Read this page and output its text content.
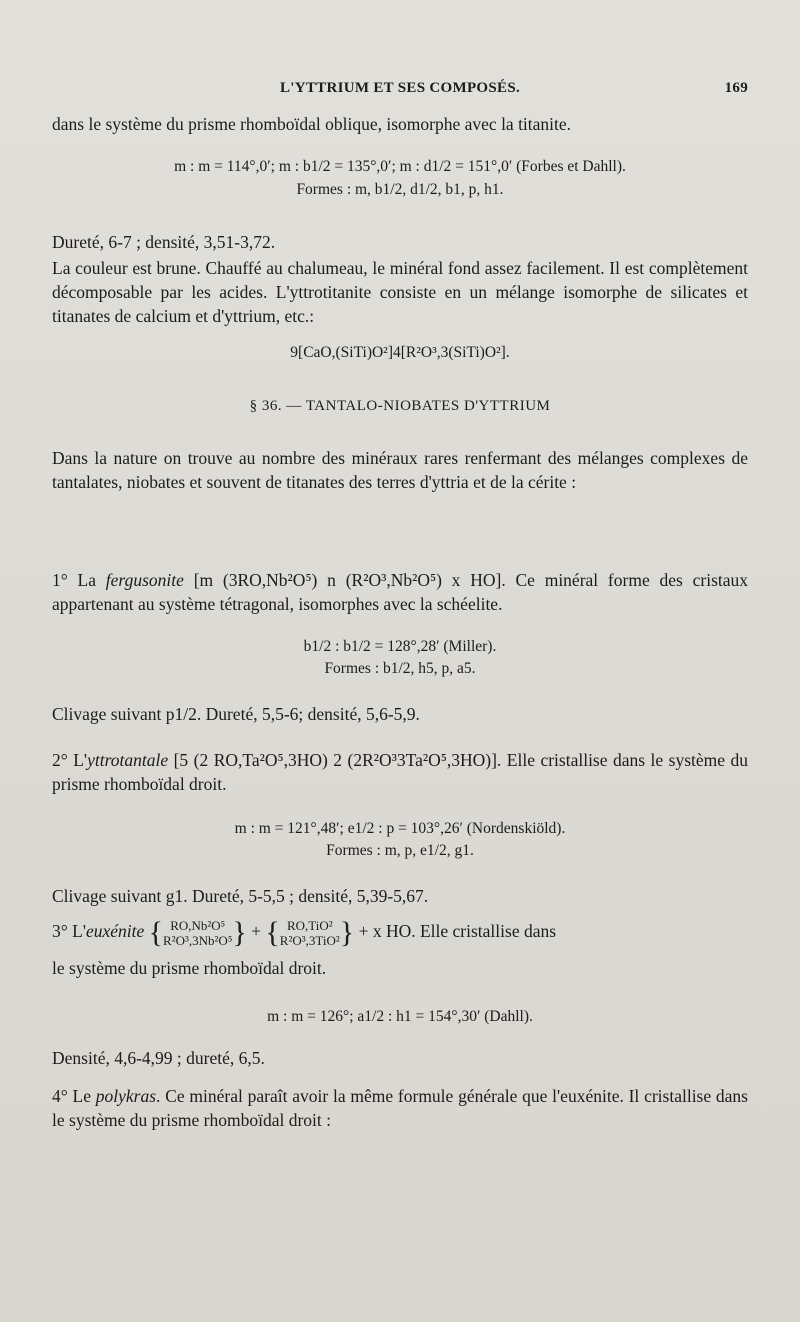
L'YTTRIUM ET SES COMPOSÉS.	169
dans le système du prisme rhomboïdal oblique, isomorphe avec la titanite.
m : m = 114°,0′; m : b1/2 = 135°,0′; m : d1/2 = 151°,0′ (Forbes et Dahll).
Formes : m, b1/2, d1/2, b1, p, h1.
Dureté, 6-7 ; densité, 3,51-3,72.
La couleur est brune. Chauffé au chalumeau, le minéral fond assez facilement. Il est complètement décomposable par les acides. L'yttrotitanite consiste en un mélange isomorphe de silicates et titanates de calcium et d'yttrium, etc.:
9[CaO,(SiTi)O²]4[R²O³,3(SiTi)O²].
§ 36. — TANTALO-NIOBATES D'YTTRIUM
Dans la nature on trouve au nombre des minéraux rares renfermant des mélanges complexes de tantalates, niobates et souvent de titanates des terres d'yttria et de la cérite :
1° La fergusonite [m (3RO,Nb²O⁵) n (R²O³,Nb²O⁵) x HO]. Ce minéral forme des cristaux appartenant au système tétragonal, isomorphes avec la schéelite.
b1/2 : b1/2 = 128°,28′ (Miller).
Formes : b1/2, h5, p, a5.
Clivage suivant p1/2. Dureté, 5,5-6; densité, 5,6-5,9.
2° L'yttrotantale [5 (2 RO,Ta²O⁵,3HO) 2 (2R²O³3Ta²O⁵,3HO)]. Elle cristallise dans le système du prisme rhomboïdal droit.
m : m = 121°,48′; e1/2 : p = 103°,26′ (Nordenskiöld).
Formes : m, p, e1/2, g1.
Clivage suivant g1. Dureté, 5-5,5 ; densité, 5,39-5,67.
3° L'euxénite { RO,Nb²O⁵
R²O³,3Nb²O⁵} + { RO,TiO²
R²O³,3TiO²} + x HO. Elle cristallise dans
le système du prisme rhomboïdal droit.
m : m = 126°; a1/2 : h1 = 154°,30′ (Dahll).
Densité, 4,6-4,99 ; dureté, 6,5.
4° Le polykras. Ce minéral paraît avoir la même formule générale que l'euxénite. Il cristallise dans le système du prisme rhomboïdal droit :
